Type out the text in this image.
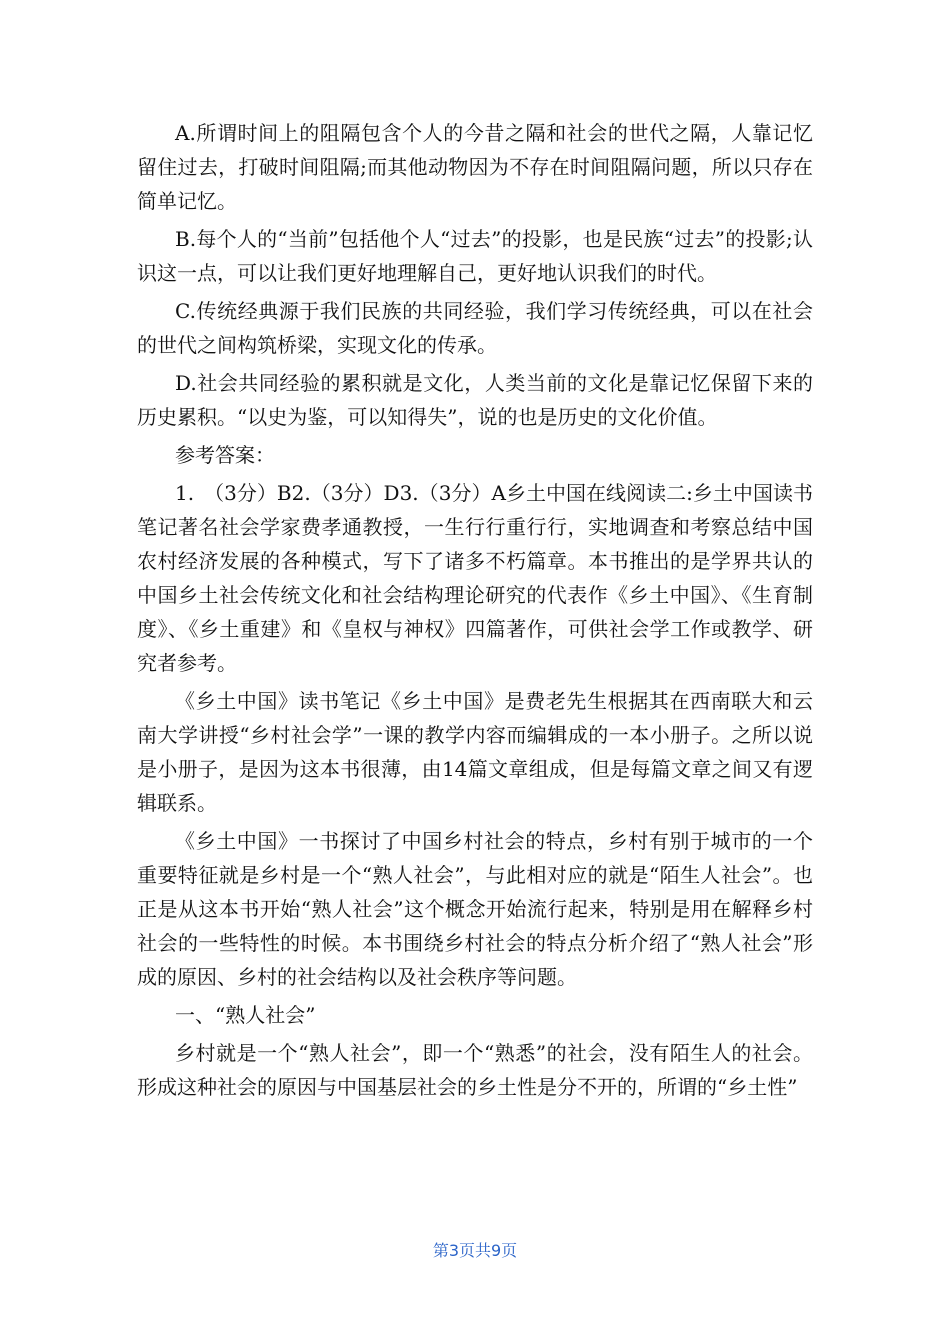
A.所谓时间上的阻隔包含个人的今昔之隔和社会的世代之隔，人靠记忆留住过去，打破时间阻隔;而其他动物因为不存在时间阻隔问题，所以只存在简单记忆。

B.每个人的“当前”包括他个人“过去”的投影，也是民族“过去”的投影;认识这一点，可以让我们更好地理解自己，更好地认识我们的时代。

C.传统经典源于我们民族的共同经验，我们学习传统经典，可以在社会的世代之间构筑桥梁，实现文化的传承。

D.社会共同经验的累积就是文化，人类当前的文化是靠记忆保留下来的历史累积。“以史为鉴，可以知得失”，说的也是历史的文化价值。

参考答案：

1.　（3分）B2.（3分）D3.（3分）A乡土中国在线阅读二:乡土中国读书笔记著名社会学家费孝通教授，一生行行重行行，实地调查和考察总结中国农村经济发展的各种模式，写下了诸多不朽篇章。本书推出的是学界共认的中国乡土社会传统文化和社会结构理论研究的代表作《乡土中国》、《生育制度》、《乡土重建》和《皇权与神权》四篇著作，可供社会学工作或教学、研究者参考。

《乡土中国》读书笔记《乡土中国》是费老先生根据其在西南联大和云南大学讲授“乡村社会学”一课的教学内容而编辑成的一本小册子。之所以说是小册子，是因为这本书很薄，由14篇文章组成，但是每篇文章之间又有逻辑联系。

《乡土中国》一书探讨了中国乡村社会的特点，乡村有别于城市的一个重要特征就是乡村是一个“熟人社会”，与此相对应的就是“陌生人社会”。也正是从这本书开始“熟人社会”这个概念开始流行起来，特别是用在解释乡村社会的一些特性的时候。本书围绕乡村社会的特点分析介绍了“熟人社会”形成的原因、乡村的社会结构以及社会秩序等问题。

一、“熟人社会”

乡村就是一个“熟人社会”，即一个“熟悉”的社会，没有陌生人的社会。形成这种社会的原因与中国基层社会的乡土性是分不开的，所谓的“乡土性”

第3页共9页
